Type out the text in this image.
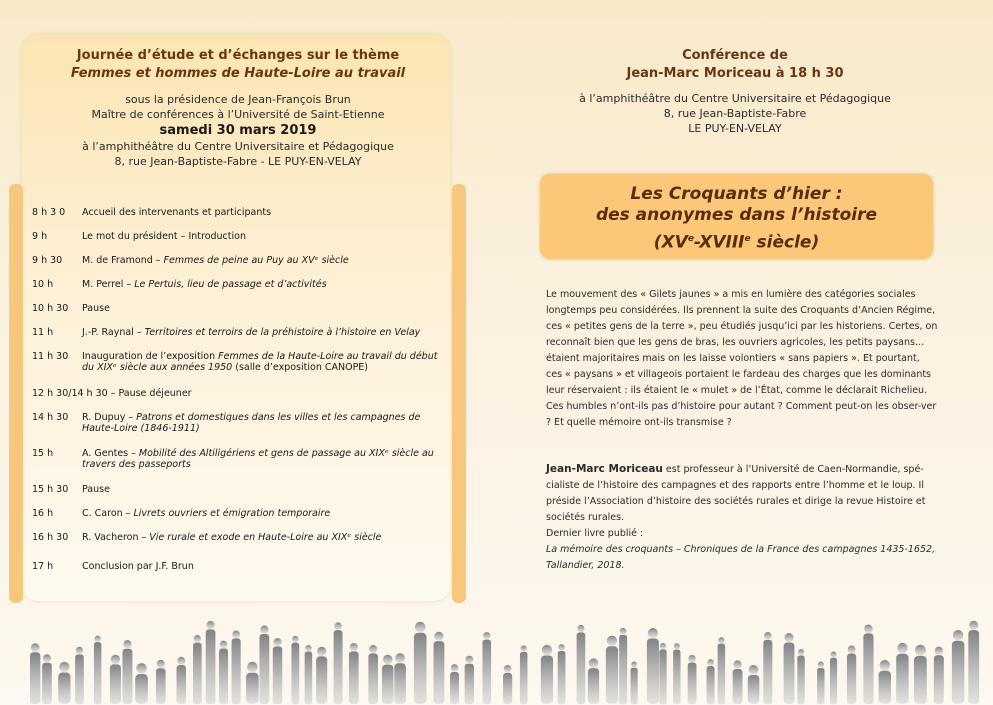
Journée d’étude et d’échanges sur le thème
Femmes et hommes de Haute-Loire au travail
sous la présidence de Jean-François Brun
Maître de conférences à l’Université de Saint-Etienne
samedi 30 mars 2019
à l’amphithéâtre du Centre Universitaire et Pédagogique
8, rue Jean-Baptiste-Fabre - LE PUY-EN-VELAY
8 h 3 0	Accueil des intervenants et participants
9 h	Le mot du président – Introduction
9 h 30	M. de Framond – Femmes de peine au Puy au XVᵉ siècle
10 h	M. Perrel – Le Pertuis, lieu de passage et d’activités
10 h 30	Pause
11 h	J.-P. Raynal – Territoires et terroirs de la préhistoire à l’histoire en Velay
11 h 30	Inauguration de l’exposition Femmes de la Haute-Loire au travail du début du XIXᵉ siècle aux années 1950 (salle d’exposition CANOPE)
12 h 30/14 h 30 – Pause déjeuner
14 h 30	R. Dupuy – Patrons et domestiques dans les villes et les campagnes de Haute-Loire (1846-1911)
15 h	A. Gentes – Mobilité des Altiligériens et gens de passage au XIXᵉ siècle au travers des passeports
15 h 30	Pause
16 h	C. Caron – Livrets ouvriers et émigration temporaire
16 h 30	R. Vacheron – Vie rurale et exode en Haute-Loire au XIXᵉ siècle
17 h	Conclusion par J.F. Brun
Conférence de
Jean-Marc Moriceau à 18 h 30
à l’amphithéâtre du Centre Universitaire et Pédagogique
8, rue Jean-Baptiste-Fabre
LE PUY-EN-VELAY
Les Croquants d’hier :
des anonymes dans l’histoire
(XVe-XVIIIe siècle)
Le mouvement des « Gilets jaunes » a mis en lumière des catégories sociales longtemps peu considérées. Ils prennent la suite des Croquants d’Ancien Régime, ces « petites gens de la terre », peu étudiés jusqu’ici par les historiens. Certes, on reconnaît bien que les gens de bras, les ouvriers agricoles, les petits paysans… étaient majoritaires mais on les laisse volontiers « sans papiers ». Et pourtant, ces « paysans » et villageois portaient le fardeau des charges que les dominants leur réservaient : ils étaient le « mulet » de l’État, comme le déclarait Richelieu. Ces humbles n’ont-ils pas d’histoire pour autant ? Comment peut-on les obser-ver ? Et quelle mémoire ont-ils transmise ?
Jean-Marc Moriceau est professeur à l’Université de Caen-Normandie, spé-cialiste de l’histoire des campagnes et des rapports entre l’homme et le loup. Il préside l’Association d’histoire des sociétés rurales et dirige la revue Histoire et sociétés rurales.
Dernier livre publié :
La mémoire des croquants – Chroniques de la France des campagnes 1435-1652,
Tallandier, 2018.
